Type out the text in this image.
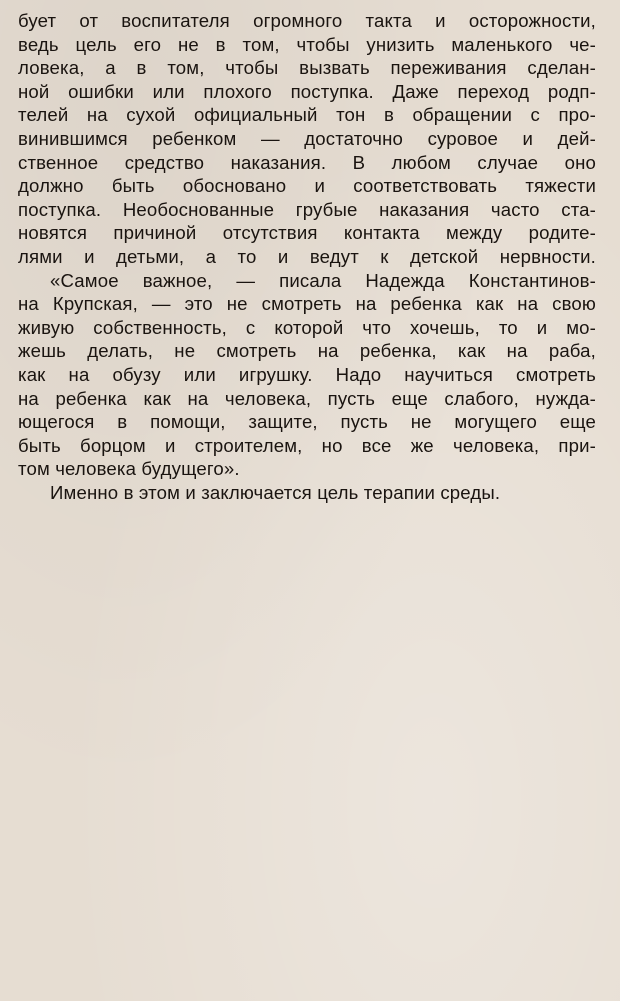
бует от воспитателя огромного такта и осторожности,
ведь цель его не в том, чтобы унизить маленького че-
ловека, а в том, чтобы вызвать переживания сделан-
ной ошибки или плохого поступка. Даже переход родп-
телей на сухой официальный тон в обращении с про-
винившимся ребенком — достаточно суровое и дей-
ственное средство наказания. В любом случае оно
должно быть обосновано и соответствовать тяжести
поступка. Необоснованные грубые наказания часто ста-
новятся причиной отсутствия контакта между родите-
лями и детьми, а то и ведут к детской нервности.
«Самое важное, — писала Надежда Константинов-
на Крупская, — это не смотреть на ребенка как на свою
живую собственность, с которой что хочешь, то и мо-
жешь делать, не смотреть на ребенка, как на раба,
как на обузу или игрушку. Надо научиться смотреть
на ребенка как на человека, пусть еще слабого, нужда-
ющегося в помощи, защите, пусть не могущего еще
быть борцом и строителем, но все же человека, при-
том человека будущего».
Именно в этом и заключается цель терапии среды.
